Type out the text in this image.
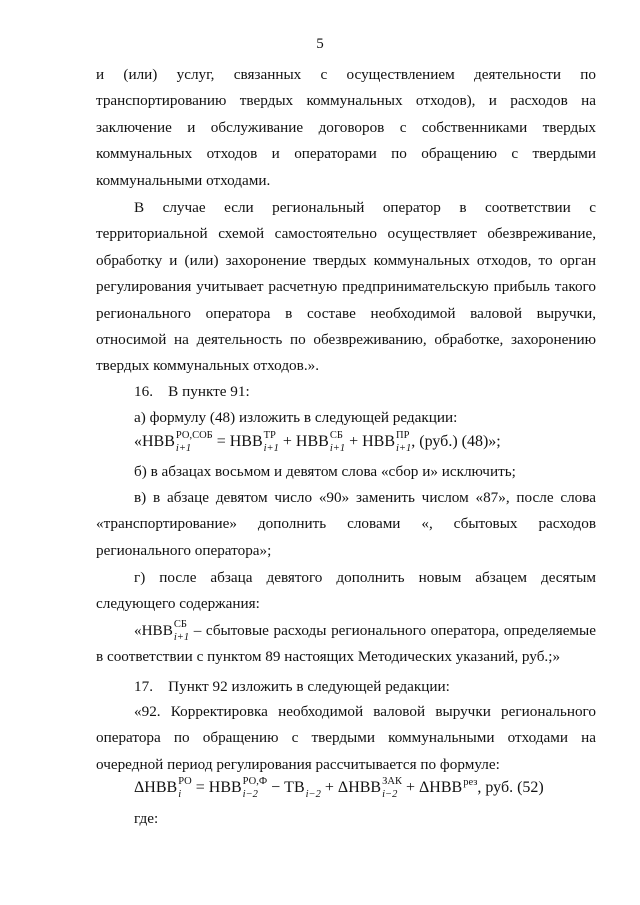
5

и (или) услуг, связанных с осуществлением деятельности по транспортированию твердых коммунальных отходов), и расходов на заключение и обслуживание договоров с собственниками твердых коммунальных отходов и операторами по обращению с твердыми коммунальными отходами.

В случае если региональный оператор в соответствии с территориальной схемой самостоятельно осуществляет обезвреживание, обработку и (или) захоронение твердых коммунальных отходов, то орган регулирования учитывает расчетную предпринимательскую прибыль такого регионального оператора в составе необходимой валовой выручки, относимой на деятельность по обезвреживанию, обработке, захоронению твердых коммунальных отходов.».

16.    В пункте 91:

а) формулу (48) изложить в следующей редакции:

«НВВ РО,СОБ
i+1	= НВВ ТР
i+1 + НВВ СБ
i+1 + НВВ ПР
i+1 , (руб.) (48)»;

б) в абзацах восьмом и девятом слова «сбор и» исключить;

в) в абзаце девятом число «90» заменить числом «87», после слова «транспортирование» дополнить словами «, сбытовых расходов регионального оператора»;

г) после абзаца девятого дополнить новым абзацем десятым следующего содержания:

«НВВ СБ
i+1 – сбытовые расходы регионального оператора, определяемые в соответствии с пунктом 89 настоящих Методических указаний, руб.;»

17.    Пункт 92 изложить в следующей редакции:

«92. Корректировка необходимой валовой выручки регионального оператора по обращению с твердыми коммунальными отходами на очередной период регулирования рассчитывается по формуле:

ΔНВВ РО
i = НВВ РО,Ф
i−2 − ТВ
i−2 + ΔНВВ ЗАК
$i-2 + \Delta НВВ^{рез}$, руб. (52)

где:
